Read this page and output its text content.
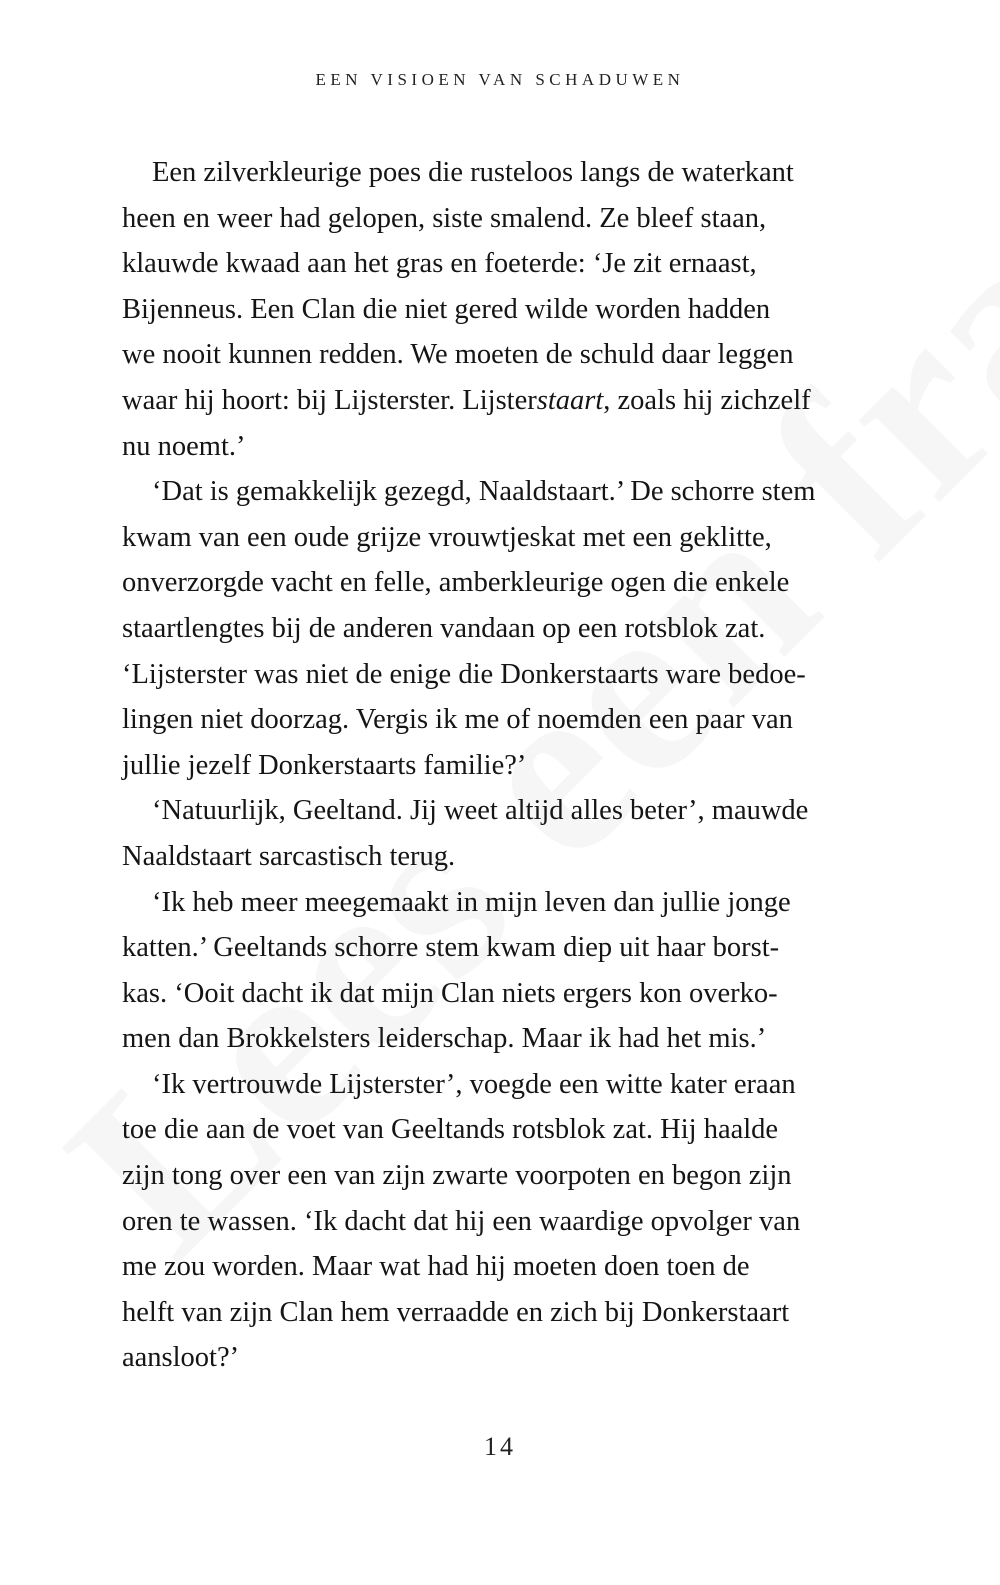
EEN VISIOEN VAN SCHADUWEN
Een zilverkleurige poes die rusteloos langs de waterkant
heen en weer had gelopen, siste smalend. Ze bleef staan,
klauwde kwaad aan het gras en foeterde: ‘Je zit ernaast,
Bijenneus. Een Clan die niet gered wilde worden hadden
we nooit kunnen redden. We moeten de schuld daar leggen
waar hij hoort: bij Lijsterster. Lijsterstaart, zoals hij zichzelf
nu noemt.’
‘Dat is gemakkelijk gezegd, Naaldstaart.’ De schorre stem
kwam van een oude grijze vrouwtjeskat met een geklitte,
onverzorgde vacht en felle, amberkleurige ogen die enkele
staartlengtes bij de anderen vandaan op een rotsblok zat.
‘Lijsterster was niet de enige die Donkerstaarts ware bedoe-
lingen niet doorzag. Vergis ik me of noemden een paar van
jullie jezelf Donkerstaarts familie?’
‘Natuurlijk, Geeltand. Jij weet altijd alles beter’, mauwde
Naaldstaart sarcastisch terug.
‘Ik heb meer meegemaakt in mijn leven dan jullie jonge
katten.’ Geeltands schorre stem kwam diep uit haar borst-
kas. ‘Ooit dacht ik dat mijn Clan niets ergers kon overko-
men dan Brokkelsters leiderschap. Maar ik had het mis.’
‘Ik vertrouwde Lijsterster’, voegde een witte kater eraan
toe die aan de voet van Geeltands rotsblok zat. Hij haalde
zijn tong over een van zijn zwarte voorpoten en begon zijn
oren te wassen. ‘Ik dacht dat hij een waardige opvolger van
me zou worden. Maar wat had hij moeten doen toen de
helft van zijn Clan hem verraadde en zich bij Donkerstaart
aansloot?’
14
